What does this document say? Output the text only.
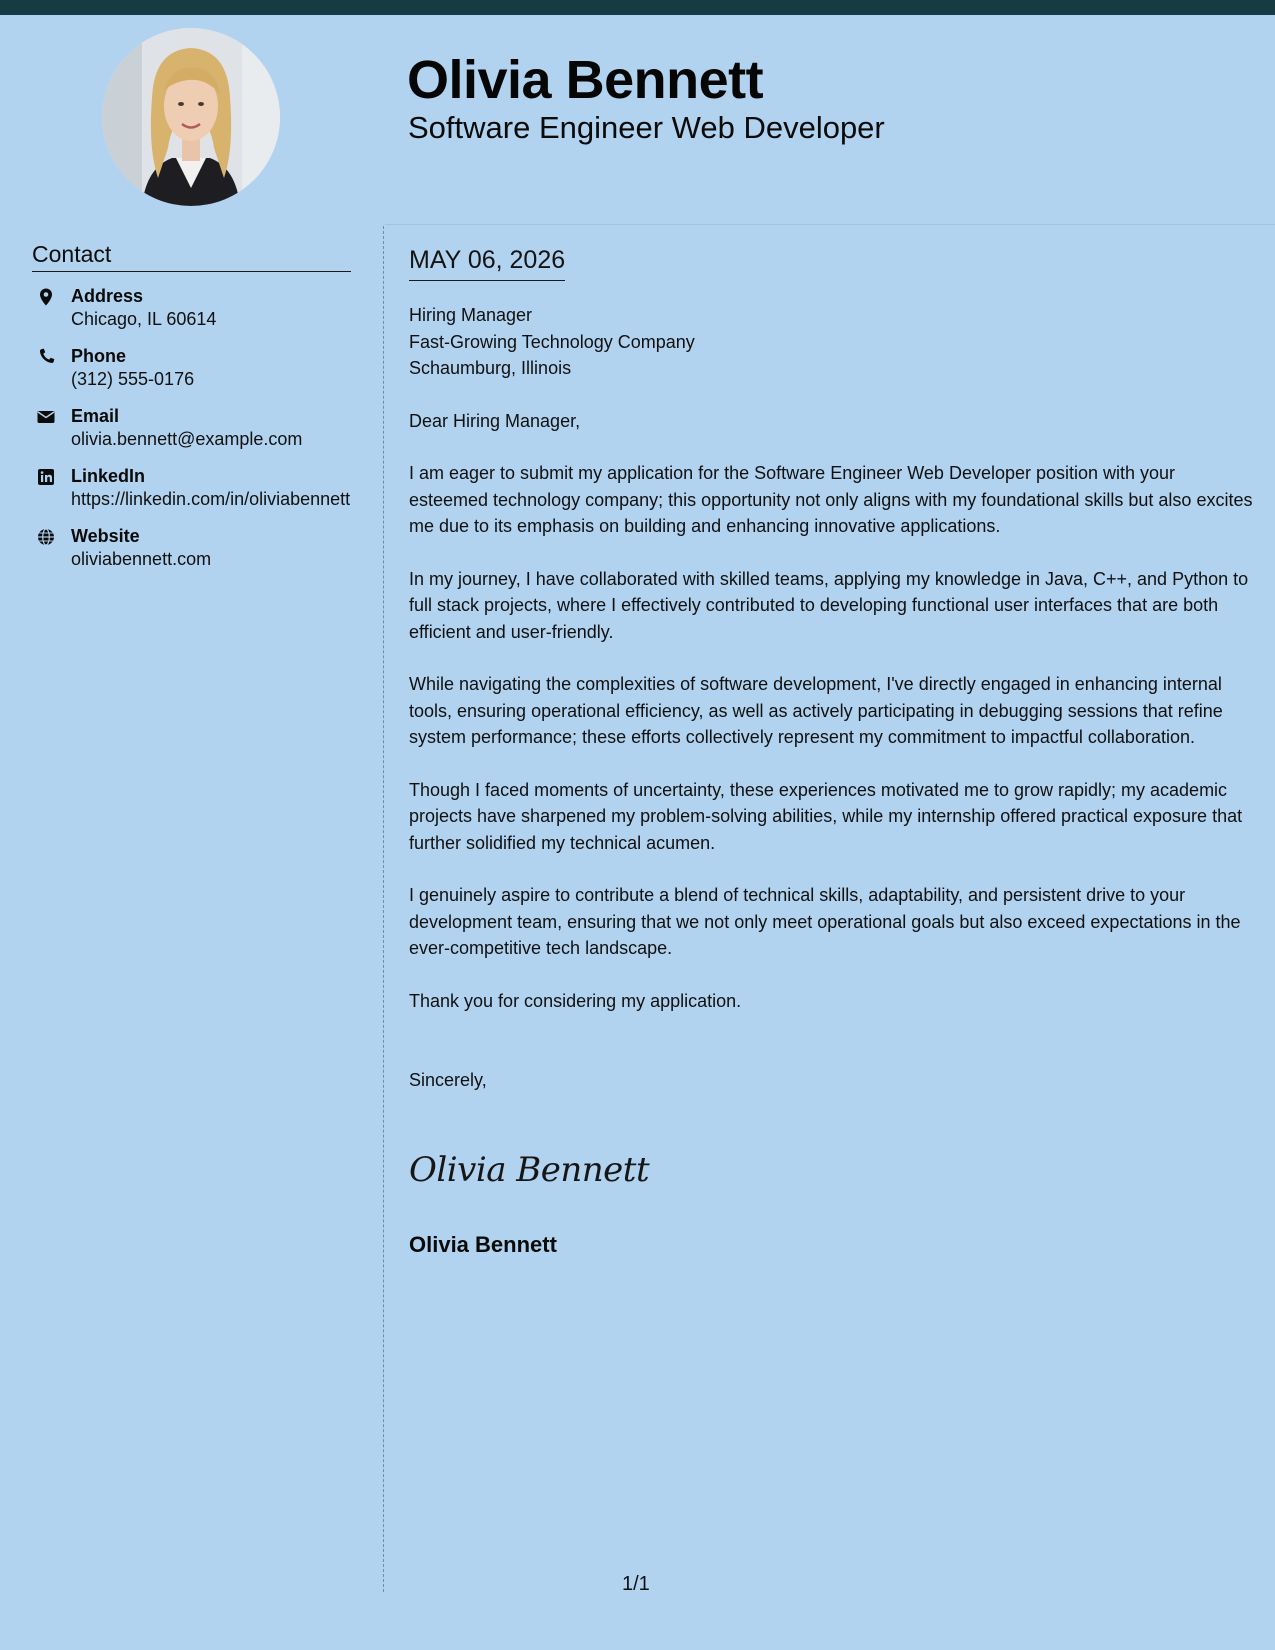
Olivia Bennett
Software Engineer Web Developer
Contact
Address
Chicago, IL 60614
Phone
(312) 555-0176
Email
olivia.bennett@example.com
LinkedIn
https://linkedin.com/in/oliviabennett
Website
oliviabennett.com
MAY 06, 2026

Hiring Manager

Fast-Growing Technology Company

Schaumburg, Illinois

Dear Hiring Manager,

I am eager to submit my application for the Software Engineer Web Developer position with your esteemed technology company; this opportunity not only aligns with my foundational skills but also excites me due to its emphasis on building and enhancing innovative applications.

In my journey, I have collaborated with skilled teams, applying my knowledge in Java, C++, and Python to full stack projects, where I effectively contributed to developing functional user interfaces that are both efficient and user-friendly.

While navigating the complexities of software development, I've directly engaged in enhancing internal tools, ensuring operational efficiency, as well as actively participating in debugging sessions that refine system performance; these efforts collectively represent my commitment to impactful collaboration.

Though I faced moments of uncertainty, these experiences motivated me to grow rapidly; my academic projects have sharpened my problem-solving abilities, while my internship offered practical exposure that further solidified my technical acumen.

I genuinely aspire to contribute a blend of technical skills, adaptability, and persistent drive to your development team, ensuring that we not only meet operational goals but also exceed expectations in the ever-competitive tech landscape.

Thank you for considering my application.

Sincerely,

Olivia Bennett
Olivia Bennett
1/1
